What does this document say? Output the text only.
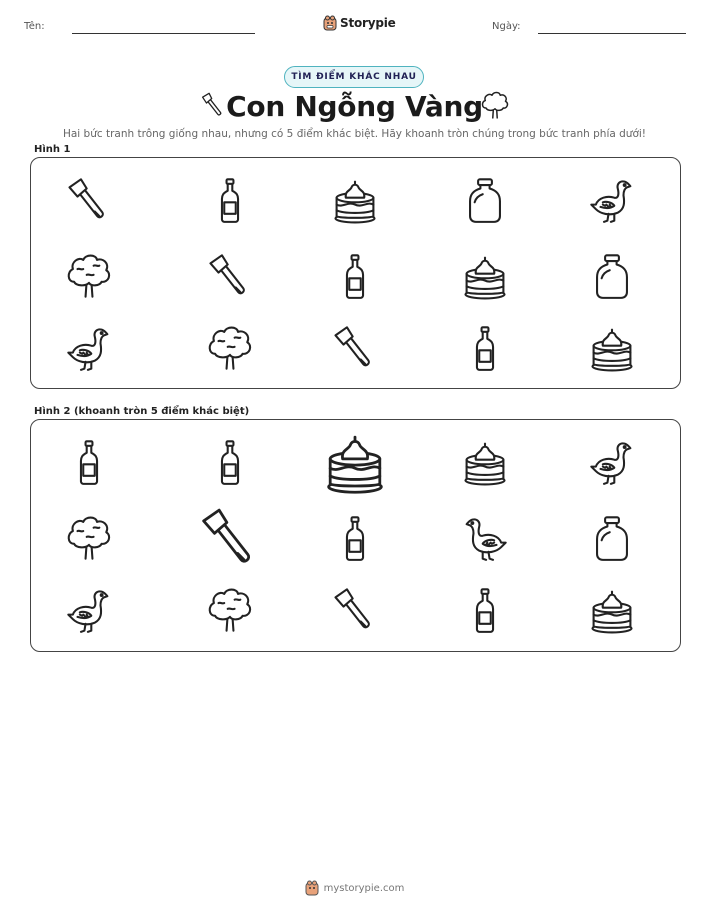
Tên:	Storypie	Ngày:
TÌM ĐIỂM KHÁC NHAU
Con Ngỗng Vàng
Hai bức tranh trông giống nhau, nhưng có 5 điểm khác biệt. Hãy khoanh tròn chúng trong bức tranh phía dưới!
Hình 1
Hình 2 (khoanh tròn 5 điểm khác biệt)
mystorypie.com
